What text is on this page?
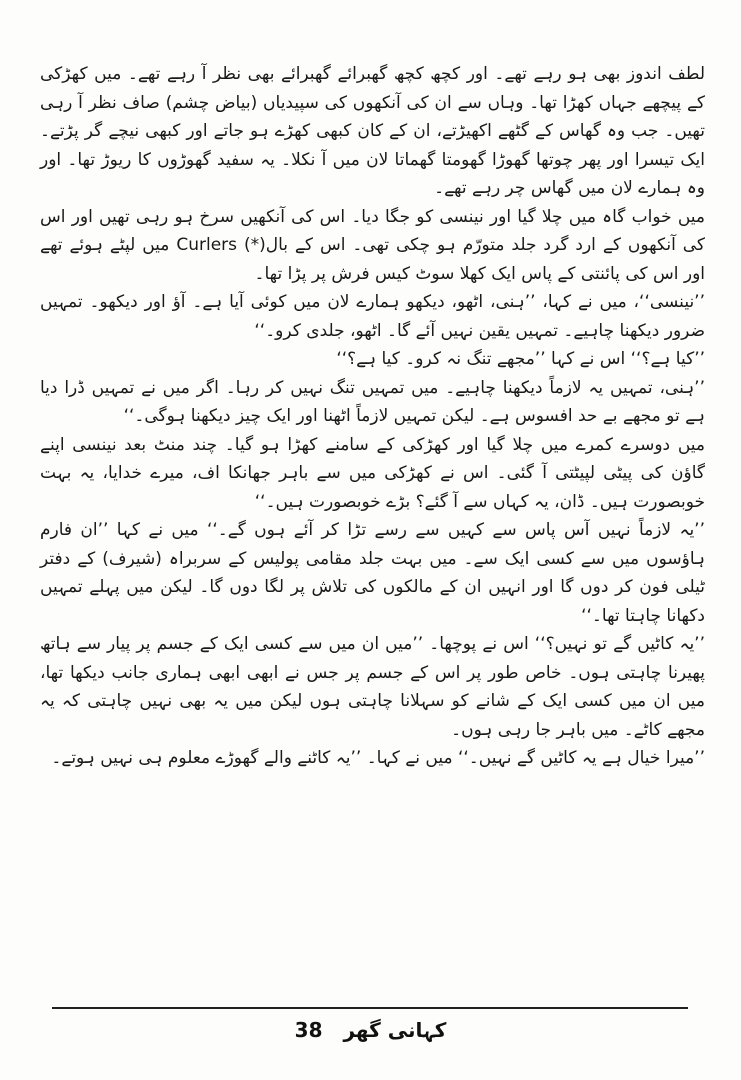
لطف اندوز بھی ہو رہے تھے۔ اور کچھ کچھ گھبرائے گھبرائے بھی نظر آ رہے تھے۔ میں کھڑکی کے پیچھے جہاں کھڑا تھا۔ وہاں سے ان کی آنکھوں کی سپیدیاں (بیاض چشم) صاف نظر آ رہی تھیں۔ جب وہ گھاس کے گٹھے اکھیڑتے، ان کے کان کبھی کھڑے ہو جاتے اور کبھی نیچے گر پڑتے۔ ایک تیسرا اور پھر چوتھا گھوڑا گھومتا گھماتا لان میں آ نکلا۔ یہ سفید گھوڑوں کا ریوڑ تھا۔ اور وہ ہمارے لان میں گھاس چر رہے تھے۔

میں خواب گاہ میں چلا گیا اور نینسی کو جگا دیا۔ اس کی آنکھیں سرخ ہو رہی تھیں اور اس کی آنکھوں کے ارد گرد جلد متورّم ہو چکی تھی۔ اس کے بال(*) Curlers میں لپٹے ہوئے تھے اور اس کی پائنتی کے پاس ایک کھلا سوٹ کیس فرش پر پڑا تھا۔

’’نینسی‘‘، میں نے کہا، ’’ہنی، اٹھو، دیکھو ہمارے لان میں کوئی آیا ہے۔ آؤ اور دیکھو۔ تمہیں ضرور دیکھنا چاہیے۔ تمہیں یقین نہیں آئے گا۔ اٹھو، جلدی کرو۔‘‘

’’کیا ہے؟‘‘ اس نے کہا ’’مجھے تنگ نہ کرو۔ کیا ہے؟‘‘

’’ہنی، تمہیں یہ لازماً دیکھنا چاہیے۔ میں تمہیں تنگ نہیں کر رہا۔ اگر میں نے تمہیں ڈرا دیا ہے تو مجھے بے حد افسوس ہے۔ لیکن تمہیں لازماً اٹھنا اور ایک چیز دیکھنا ہوگی۔‘‘

میں دوسرے کمرے میں چلا گیا اور کھڑکی کے سامنے کھڑا ہو گیا۔ چند منٹ بعد نینسی اپنے گاؤن کی پیٹی لپیٹتی آ گئی۔ اس نے کھڑکی میں سے باہر جھانکا اف، میرے خدایا، یہ بہت خوبصورت ہیں۔ ڈان، یہ کہاں سے آ گئے؟ بڑے خوبصورت ہیں۔‘‘

’’یہ لازماً نہیں آس پاس سے کہیں سے رسے تڑا کر آئے ہوں گے۔‘‘ میں نے کہا ’’ان فارم ہاؤسوں میں سے کسی ایک سے۔ میں بہت جلد مقامی پولیس کے سربراہ (شیرف) کے دفتر ٹیلی فون کر دوں گا اور انہیں ان کے مالکوں کی تلاش پر لگا دوں گا۔ لیکن میں پہلے تمہیں دکھانا چاہتا تھا۔‘‘

’’یہ کاٹیں گے تو نہیں؟‘‘ اس نے پوچھا۔ ’’میں ان میں سے کسی ایک کے جسم پر پیار سے ہاتھ پھیرنا چاہتی ہوں۔ خاص طور پر اس کے جسم پر جس نے ابھی ابھی ہماری جانب دیکھا تھا، میں ان میں کسی ایک کے شانے کو سہلانا چاہتی ہوں لیکن میں یہ بھی نہیں چاہتی کہ یہ مجھے کاٹے۔ میں باہر جا رہی ہوں۔

’’میرا خیال ہے یہ کاٹیں گے نہیں۔‘‘ میں نے کہا۔ ’’یہ کاٹنے والے گھوڑے معلوم ہی نہیں ہوتے۔

38 کہانی گھر
